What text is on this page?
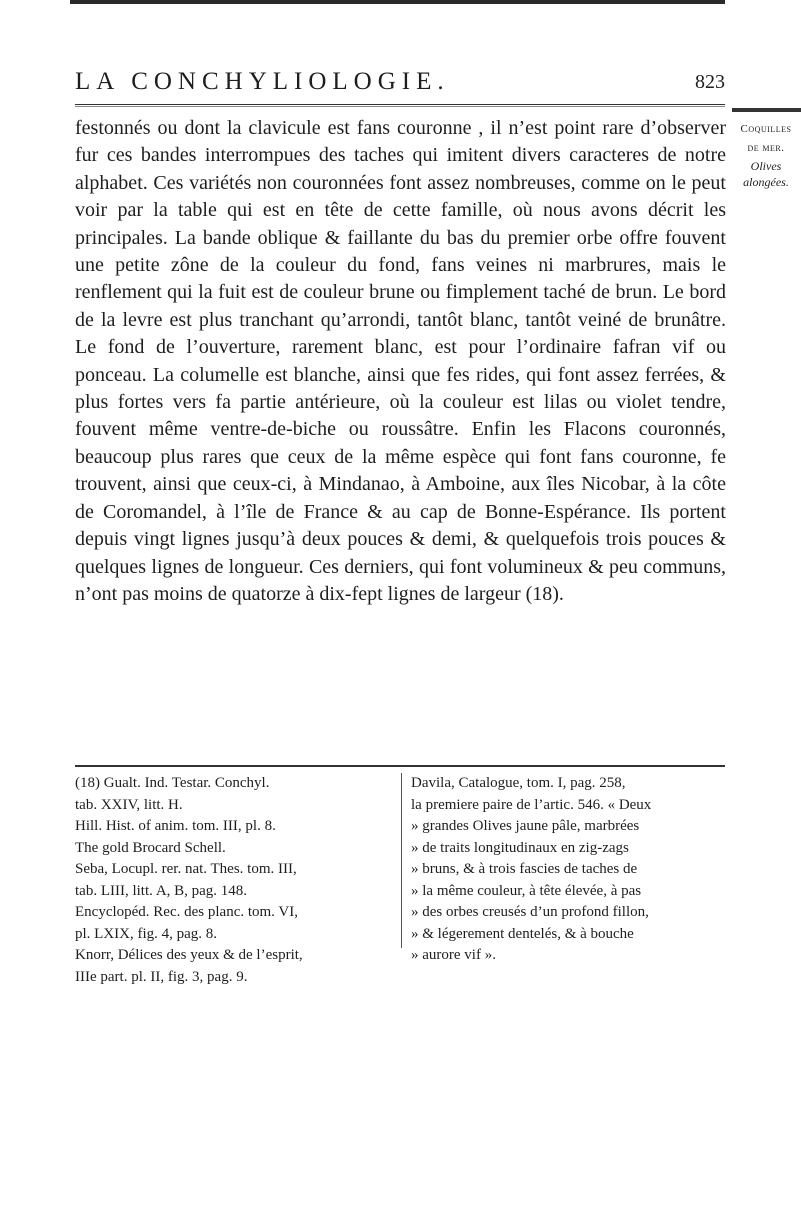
LA CONCHYLIOLOGIE.	823
festonnés ou dont la clavicule est fans couronne , il n’est point rare d’observer fur ces bandes interrompues des taches qui imitent divers caracteres de notre alphabet. Ces variétés non couronnées font assez nombreuses, comme on le peut voir par la table qui est en tête de cette famille, où nous avons décrit les principales. La bande oblique & faillante du bas du premier orbe offre fouvent une petite zône de la couleur du fond, fans veines ni marbrures, mais le renflement qui la fuit est de couleur brune ou fimplement taché de brun. Le bord de la levre est plus tranchant qu’arrondi, tantôt blanc, tantôt veiné de brunâtre. Le fond de l’ouverture, rarement blanc, est pour l’ordinaire fafran vif ou ponceau. La columelle est blanche, ainsi que fes rides, qui font assez ferrées, & plus fortes vers fa partie antérieure, où la couleur est lilas ou violet tendre, fouvent même ventre-de-biche ou roussâtre. Enfin les Flacons couronnés, beaucoup plus rares que ceux de la même espèce qui font fans couronne, fe trouvent, ainsi que ceux-ci, à Mindanao, à Amboine, aux îles Nicobar, à la côte de Coromandel, à l’île de France & au cap de Bonne-Espérance. Ils portent depuis vingt lignes jusqu’à deux pouces & demi, & quelquefois trois pouces & quelques lignes de longueur. Ces derniers, qui font volumineux & peu communs, n’ont pas moins de quatorze à dix-fept lignes de largeur (18).
Coquilles
de mer.
Olives
alongées.
(18) Gualt. Ind. Testar. Conchyl.
tab. XXIV, litt. H.
Hill. Hist. of anim. tom. III, pl. 8.
The gold Brocard Schell.
Seba, Locupl. rer. nat. Thes. tom. III,
tab. LIII, litt. A, B, pag. 148.
Encyclopéd. Rec. des planc. tom. VI,
pl. LXIX, fig. 4, pag. 8.
Knorr, Délices des yeux & de l’esprit,
IIIe part. pl. II, fig. 3, pag. 9.
Davila, Catalogue, tom. I, pag. 258,
la premiere paire de l’artic. 546. « Deux
» grandes Olives jaune pâle, marbrées
» de traits longitudinaux en zig-zags
» bruns, & à trois fascies de taches de
» la même couleur, à tête élevée, à pas
» des orbes creusés d’un profond fillon,
» & légerement dentelés, & à bouche
» aurore vif ».
